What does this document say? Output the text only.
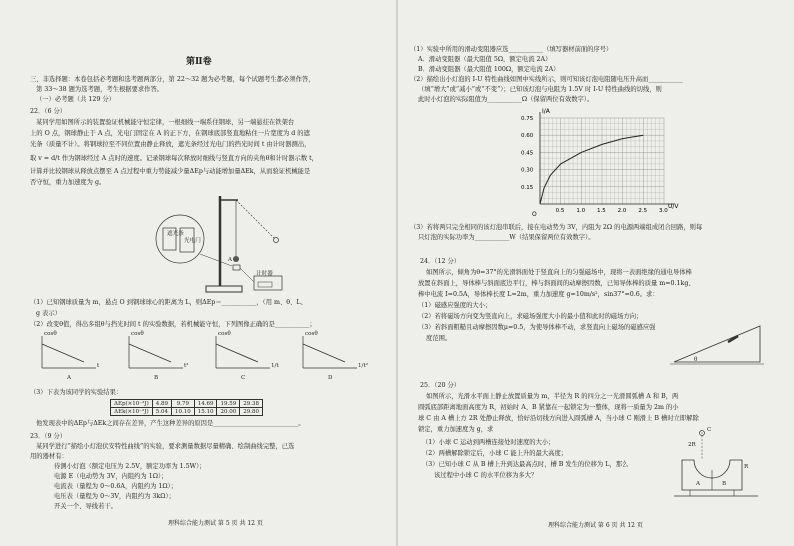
第Ⅱ卷
三、非选择题：本卷包括必考题和选考题两部分，第 22～32 题为必考题，每个试题考生都必须作答，
第 33～38 题为选考题，考生根据要求作答。
（一）必考题（共 129 分）
22．（6 分）
某同学用如图所示的装置验证机械能守恒定律，一根细线一端系住钢球，另一端悬挂在铁架台
上的 O 点，钢球静止于 A 点，光电门固定在 A 的正下方，在钢球底部竖直地粘住一片宽度为 d 的遮
光条（质量不计）。将钢球拉至不同位置由静止释放，遮光条经过光电门的挡光时间 t 由计时器测出，
取 v = d/t 作为钢球经过 A 点时的速度。记录钢球每次释放时细线与竖直方向的夹角θ和计时器示数 t，
计算并比较钢球从释放点摆至 A 点过程中重力势能减少量ΔEp与动能增加量ΔEk，从而验证机械能是
否守恒，重力加速度为 g。
遮光条
光电门
A
计时器
（1）已知钢球质量为 m，悬点 O 到钢球球心的距离为 L，则ΔEp＝___________，（用 m、θ、L、
g 表示）
（2）改变θ值，得出多组θ与挡光时间 t 的实验数据，若机械能守恒，下列图像正确的是___________；
cosθ	cosθ	cosθ	cosθ
t	t²	1/t	1/t²
A	B	C	D
（3）下表为该同学的实验结果：
ΔEp(×10⁻²J)	4.89	9.79	14.69	19.59	29.38
ΔEk(×10⁻²J)	5.04	10.10	15.10	20.00	29.80
他发现表中的ΔEp与ΔEk之间存在差异，产生这种差异的原因是___________________________。
23．（9 分）
某同学进行“描绘小灯泡伏安特性曲线”的实验，要求测量数据尽量精确、绘制曲线完整，已选
用的器材有：
待测小灯泡（额定电压为 2.5V，额定功率为 1.5W）；
电源 E（电动势为 3V，内阻约为 1Ω）；
电流表（量程为 0～0.6A，内阻约为 1Ω）；
电压表（量程为 0～3V，内阻约为 3kΩ）；
开关一个、导线若干。
理科综合能力测试 第 5 页 共 12 页
（1）实验中所用的滑动变阻器应选___________（填写器材前面的序号）
A．滑动变阻器（最大阻值 5Ω，额定电流 2A）
B．滑动变阻器（最大阻值 100Ω，额定电流 2A）
（2）描绘出小灯泡的 I-U 特性曲线如图中实线所示，则可知该灯泡电阻随电压升高而___________
（填“增大”或“减小”或“不变”）；已知该灯泡与电阻为 1.5V 时 I-U 特性曲线的切线，则
此时小灯泡的实际阻值为___________Ω（保留两位有效数字）。
0.5 1.0 1.5 2.0 2.5 3.0
0.15
0.30
0.45
0.60
0.75
I/A
U/V
O
（3）若将两只完全相同的该灯泡串联后，接在电动势为 3V，内阻为 2Ω 的电源两端组成闭合回路，则每
只灯泡的实际功率为___________W（结果保留两位有效数字）。
24．（12 分）
如图所示，倾角为θ=37°的光滑斜面处于竖直向上的匀强磁场中，现将一表面绝缘的通电导体棒
放置在斜面上，导体棒与斜面底边平行，棒与斜面间的动摩擦因数，已知导体棒的质量 m=0.1kg、
棒中电流 I=0.5A，导体棒长度 L=2m，重力加速度 g=10m/s²，sin37°=0.6。求：
（1）磁感应强度的大小；
（2）若将磁场方向变为竖直向上，求磁场强度大小的最小值和此时的磁场方向；
（3）若斜面粗糙且动摩擦因数μ=0.5，为使导体棒不动，求竖直向上磁场的磁感应强
度范围。
θ
25．（20 分）
如图所示，光滑水平面上静止放置质量为 m，半径为 R 的四分之一光滑圆弧槽 A 和 B，两
圆弧底部距离地面高度为 R，初始时 A、B 紧靠在一起锁定为一整体，现将一质量为 2m 的小
球 C 由 A 槽上方 2R 处静止释放，恰好沿切线方向进入圆弧槽 A，当小球 C 刚滑上 B 槽时立即解除
锁定，重力加速度为 g，求
（1）小球 C 运动到两槽连接处时速度的大小；
（2）两槽解除锁定后，小球 C 能上升的最大高度；
（3）已知小球 C 从 B 槽上升到达最高点时，槽 B 发生的位移为 L，那么
该过程中小球 C 的水平位移为多大？
2R
C
R
A	B
理科综合能力测试 第 6 页 共 12 页
